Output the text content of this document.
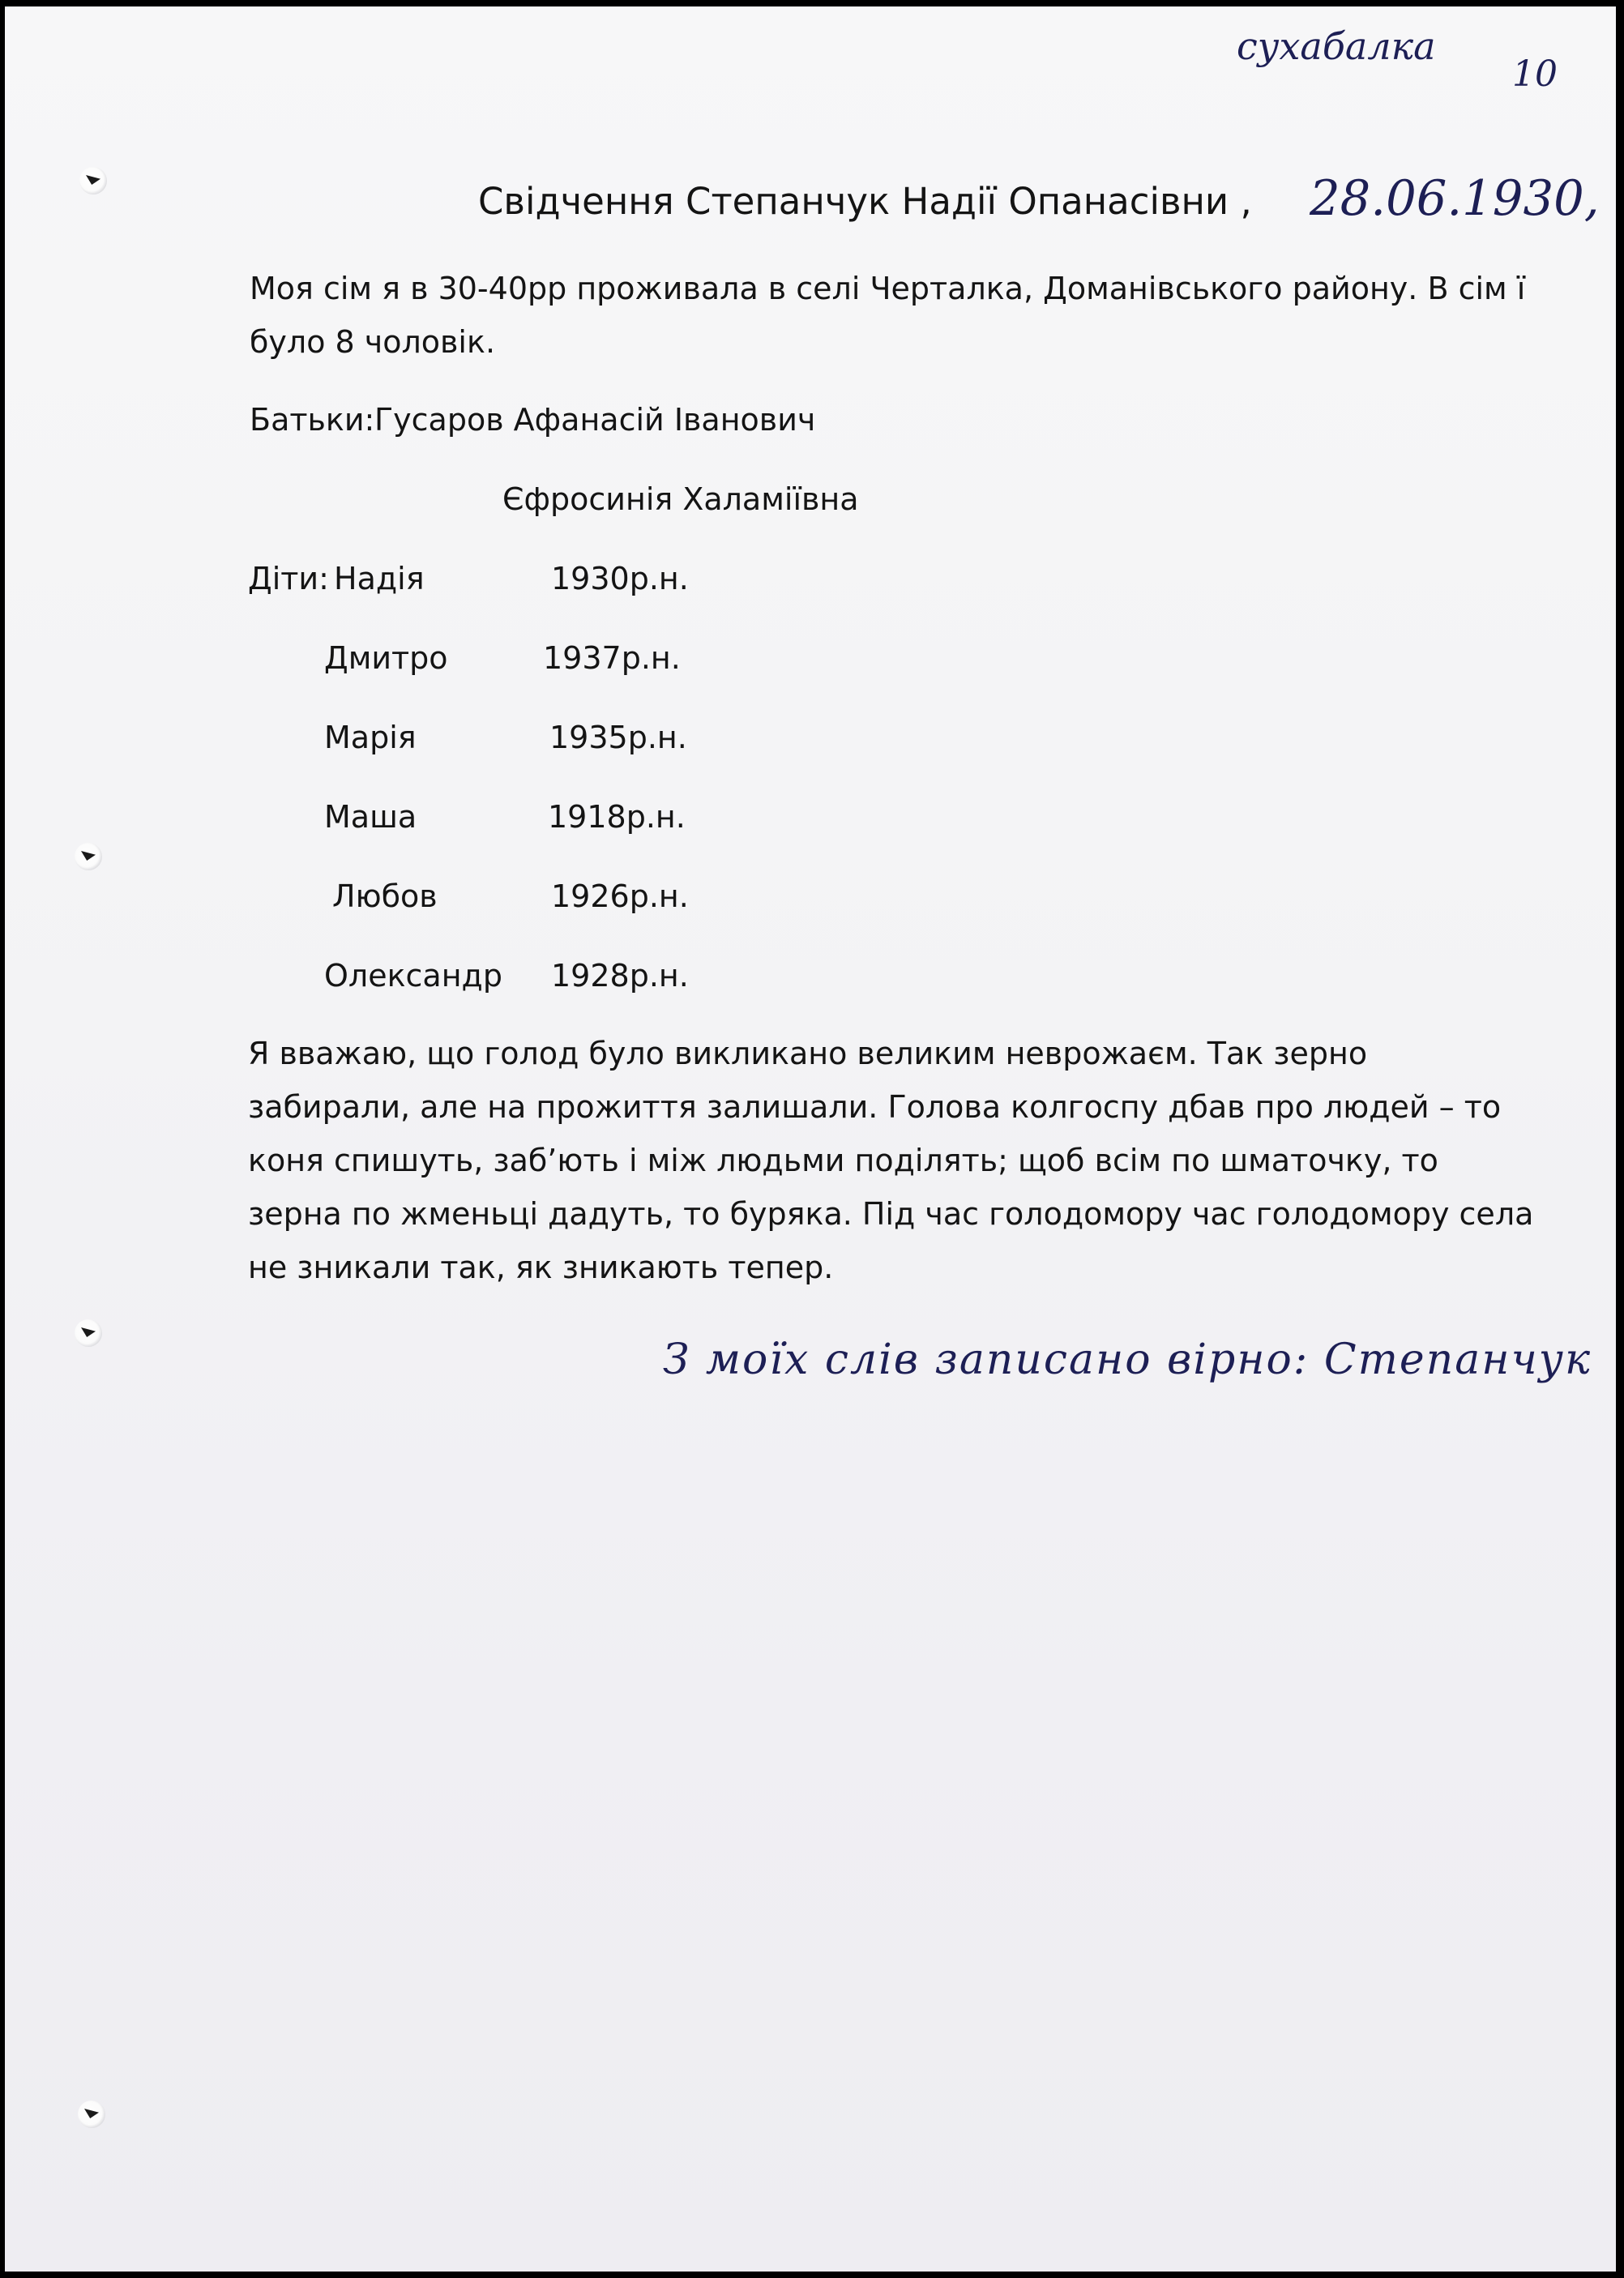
сухабалка

10

Свідчення Степанчук Надії Опанасівни , 28.06.1930,

Моя сім я в 30-40рр проживала в селі Черталка, Доманівського району. В сім ї

було 8 чоловік.

Батьки: Гусаров Афанасій Іванович

Єфросинія Халаміївна

Діти: Надія	1930р.н.

Дмитро	1937р.н.

Марія	1935р.н.

Маша	1918р.н.

Любов	1926р.н.

Олександр 1928р.н.

Я вважаю, що голод було викликано великим неврожаєм. Так зерно

забирали, але на прожиття залишали. Голова колгоспу дбав про людей – то

коня спишуть, заб’ють і між людьми поділять; щоб всім по шматочку, то

зерна по жменьці дадуть, то буряка. Під час голодомору час голодомору села

не зникали так, як зникають тепер.

З моїх слів записано вірно: Степанчук
